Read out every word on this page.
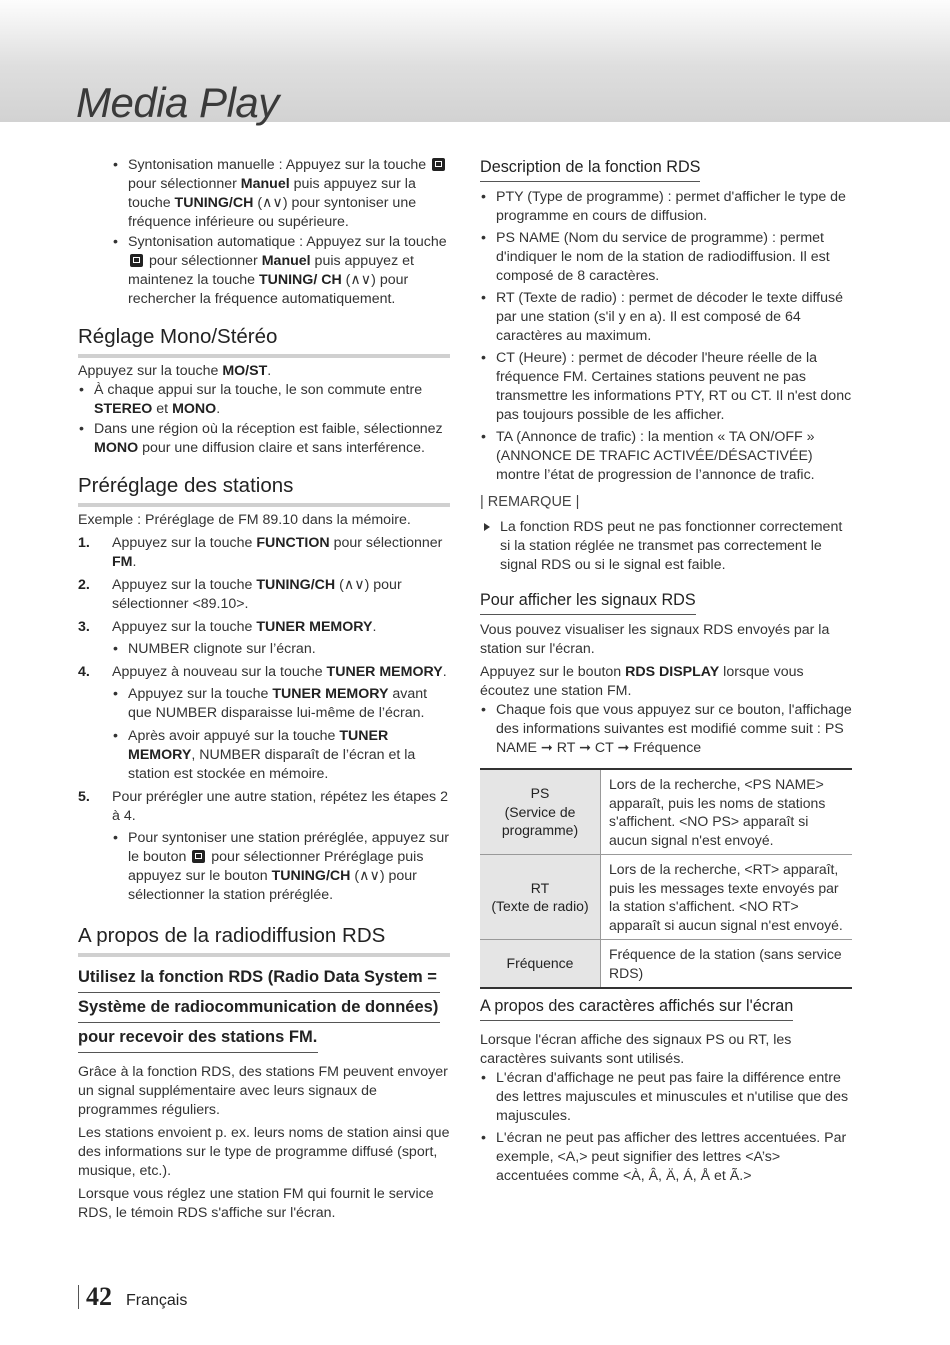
Media Play
• Syntonisation manuelle : Appuyez sur la touche  pour sélectionner Manuel puis appuyez sur la touche TUNING/CH (∧∨) pour syntoniser une fréquence inférieure ou supérieure.
• Syntonisation automatique : Appuyez sur la touche  pour sélectionner Manuel puis appuyez et maintenez la touche TUNING/ CH (∧∨) pour rechercher la fréquence automatiquement.
Réglage Mono/Stéréo

Appuyez sur la touche MO/ST.

• À chaque appui sur la touche, le son commute entre STEREO et MONO.
• Dans une région où la réception est faible, sélectionnez MONO pour une diffusion claire et sans interférence.
Préréglage des stations

Exemple : Préréglage de FM 89.10 dans la mémoire.

1. Appuyez sur la touche FUNCTION pour sélectionner FM.
2. Appuyez sur la touche TUNING/CH (∧∨) pour sélectionner <89.10>.
3. Appuyez sur la touche TUNER MEMORY.
• NUMBER clignote sur l’écran.
4. Appuyez à nouveau sur la touche TUNER MEMORY.
• Appuyez sur la touche TUNER MEMORY avant que NUMBER disparaisse lui-même de l’écran.
• Après avoir appuyé sur la touche TUNER MEMORY, NUMBER disparaît de l’écran et la station est stockée en mémoire.
5. Pour prérégler une autre station, répétez les étapes 2 à 4.
• Pour syntoniser une station préréglée, appuyez sur le bouton  pour sélectionner Préréglage puis appuyez sur le bouton TUNING/CH (∧∨) pour sélectionner la station préréglée.
A propos de la radiodiffusion RDS
Utilisez la fonction RDS (Radio Data System =
Système de radiocommunication de données)
pour recevoir des stations FM.

Grâce à la fonction RDS, des stations FM peuvent envoyer un signal supplémentaire avec leurs signaux de programmes réguliers.

Les stations envoient p. ex. leurs noms de station ainsi que des informations sur le type de programme diffusé (sport, musique, etc.).

Lorsque vous réglez une station FM qui fournit le service RDS, le témoin RDS s'affiche sur l'écran.

Description de la fonction RDS
• PTY (Type de programme) : permet d'afficher le type de programme en cours de diffusion.
• PS NAME (Nom du service de programme) : permet d'indiquer le nom de la station de radiodiffusion. Il est composé de 8 caractères.
• RT (Texte de radio) : permet de décoder le texte diffusé par une station (s'il y en a). Il est composé de 64 caractères au maximum.
• CT (Heure) : permet de décoder l'heure réelle de la fréquence FM. Certaines stations peuvent ne pas transmettre les informations PTY, RT ou CT. Il n'est donc pas toujours possible de les afficher.
• TA (Annonce de trafic) : la mention « TA ON/OFF » (ANNONCE DE TRAFIC ACTIVÉE/DÉSACTIVÉE) montre l’état de progression de l’annonce de trafic.

| REMARQUE |

La fonction RDS peut ne pas fonctionner correctement si la station réglée ne transmet pas correctement le signal RDS ou si le signal est faible.
Pour afficher les signaux RDS

Vous pouvez visualiser les signaux RDS envoyés par la station sur l'écran.

Appuyez sur le bouton RDS DISPLAY lorsque vous écoutez une station FM.

• Chaque fois que vous appuyez sur ce bouton, l'affichage des informations suivantes est modifié comme suit : PS NAME ➞ RT ➞ CT ➞ Fréquence
PS
(Service de
programme)	Lors de la recherche, <PS NAME> apparaît, puis les noms de stations s'affichent. <NO PS> apparaît si aucun signal n'est envoyé.
RT
(Texte de radio)	Lors de la recherche, <RT> apparaît, puis les messages texte envoyés par la station s'affichent. <NO RT> apparaît si aucun signal n'est envoyé.
Fréquence	Fréquence de la station (sans service RDS)
A propos des caractères affichés sur l'écran

Lorsque l'écran affiche des signaux PS ou RT, les caractères suivants sont utilisés.

• L'écran d'affichage ne peut pas faire la différence entre des lettres majuscules et minuscules et n'utilise que des majuscules.
• L'écran ne peut pas afficher des lettres accentuées. Par exemple, <A,> peut signifier des lettres <A’s> accentuées comme <À, Â, Ä, Á, Å et Ã.>
42 Français
